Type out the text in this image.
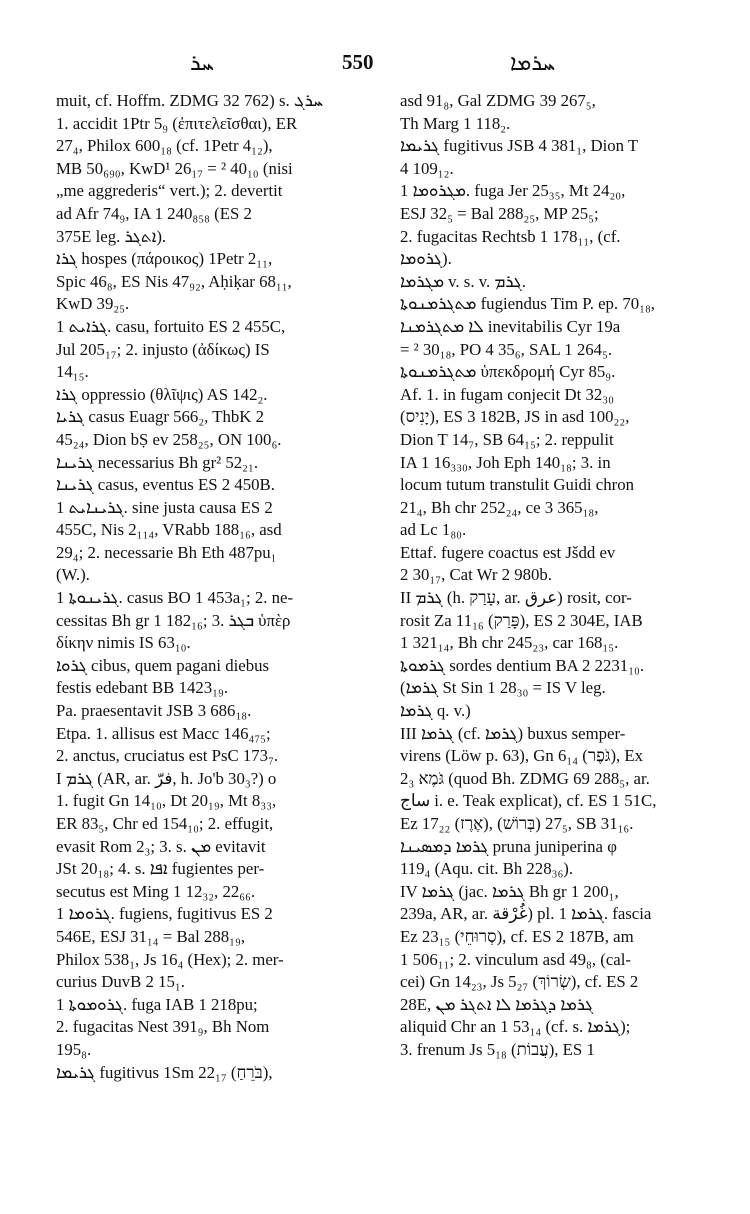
ܚܪ	550	ܚܪܡܐ
muit, cf. Hoffm. ZDMG 32 762) s. ܚܪܓ
1. accidit 1Ptr 5₉ (ἐπιτελεῖσθαι), ER
27₄, Philox 600₁₈ (cf. 1Petr 4₁₂),
MB 50₆₉₀, KwD¹ 26₁₇ = ² 40₁₀ (nisi
„me aggrederis“ vert.); 2. devertit
ad Afr 74₉, IA 1 240₈₅₈ (ES 2
375E leg. ܐܬܓܪ).
ܓܪܐ hospes (πάροικος) 1Petr 2₁₁,
Spic 46₈, ES Nis 47₉₂, Aḥiḳar 68₁₁,
KwD 39₂₅.
ܓܪܐܝܬ 1. casu, fortuito ES 2 455C,
Jul 205₁₇; 2. injusto (ἀδίκως) IS
14₁₅.
ܓܪܐ oppressio (θλῖψις) AS 142₂.
ܓܪܝܐ casus Euagr 566₂, ThbK 2
45₂₄, Dion bṢ ev 258₂₅, ON 100₆.
ܓܪܝܢܐ necessarius Bh gr² 52₂₁.
ܓܪܝܢܐ casus, eventus ES 2 450B.
ܓܪܝܢܐܝܬ 1. sine justa causa ES 2
455C, Nis 2₁₁₄, VRabb 188₁₆, asd
29₄; 2. necessarie Bh Eth 487pu₁
(W.).
ܓܪܝܢܘܬܐ 1. casus BO 1 453a₁; 2. ne-
cessitas Bh gr 1 182₁₆; 3. ܒܓܪ ὑπὲρ
δίκην nimis IS 63₁₀.
ܓܪܘܐ cibus, quem pagani diebus
festis edebant BB 1423₁₉.
Pa. praesentavit JSB 3 686₁₈.
Etpa. 1. allisus est Macc 146₄₇₅;
2. anctus, cruciatus est PsC 173₇.
I ܓܪܡ (AR, ar. فرّ, h. Jo'b 30₃?) o
1. fugit Gn 14₁₀, Dt 20₁₉, Mt 8₃₃,
ER 83₅, Chr ed 154₁₀; 2. effugit,
evasit Rom 2₃; 3. s. ܡܢ evitavit
JSt 20₁₈; 4. s. ܐܦܐ fugientes per-
secutus est Ming 1 12₃₂, 22₆₆.
ܓܪܘܡܐ 1. fugiens, fugitivus ES 2
546E, ESJ 31₁₄ = Bal 288₁₉,
Philox 538₁, Js 16₄ (Hex); 2. mer-
curius DuvB 2 15₁.
ܓܪܘܡܘܬܐ 1. fuga IAB 1 218pu;
2. fugacitas Nest 391₉, Bh Nom
195₈.
ܓܪܝܡܐ fugitivus 1Sm 22₁₇ (בֹּרֵחַ),
asd 91₈, Gal ZDMG 39 267₅,
Th Marg 1 118₂.
ܓܪܝܡܐ fugitivus JSB 4 381₁, Dion T
4 109₁₂.
ܡܓܪܘܡܐ 1. fuga Jer 25₃₅, Mt 24₂₀,
ESJ 32₅ = Bal 288₂₅, MP 25₅;
2. fugacitas Rechtsb 1 178₁₁, (cf.
ܓܪܘܡܐ).
ܡܓܪܡܐ v. s. v. ܓܪܡ.
ܡܬܓܪܡܢܘܬܐ fugiendus Tim P. ep. 70₁₈,
ܠܐ ܡܬܓܪܡܢܐ inevitabilis Cyr 19a
= ² 30₁₈, PO 4 35₆, SAL 1 264₅.
ܡܬܓܪܡܢܘܬܐ ὑπεκδρομή Cyr 85₉.
Af. 1. in fugam conjecit Dt 32₃₀
(יָנִיס), ES 3 182B, JS in asd 100₂₂,
Dion T 14₇, SB 64₁₅; 2. reppulit
IA 1 16₃₃₀, Joh Eph 140₁₈; 3. in
locum tutum transtulit Guidi chron
21₄, Bh chr 252₂₄, ce 3 365₁₈,
ad Lc 1₈₀.
Ettaf. fugere coactus est Jšdd ev
2 30₁₇, Cat Wr 2 980b.
II ܓܪܡ (h. עָרַק, ar. عرق) rosit, cor-
rosit Za 11₁₆ (פָּרַק), ES 2 304E, IAB
1 321₁₄, Bh chr 245₂₃, car 168₁₅.
ܓܪܡܘܬܐ sordes dentium BA 2 2231₁₀.
(ܓܪܡܐ St Sin 1 28₃₀ = IS V leg.
ܓܪܡܐ q. v.)
III ܓܪܡܐ (cf. ܓܪܡܐ) buxus semper-
virens (Löw p. 63), Gn 6₁₄ (גֹּפֶר), Ex
2₃ גֹּמֶא (quod Bh. ZDMG 69 288₅, ar.
ساج i. e. Teak explicat), cf. ES 1 51C,
Ez 17₂₂ (אֶרֶז), 27₅ (בְּרוֹשׁ), SB 31₁₆.
ܓܪܡܐ ܕܡܣܝܢܐ pruna juniperina φ
119₄ (Aqu. cit. Bh 228₃₆).
IV ܓܪܡܐ (jac. ܓܪܡܐ Bh gr 1 200₁,
239a, AR, ar. غُرْقة) pl. ܓܪܡܐ 1. fascia
Ez 23₁₅ (סְרוּחֵי), cf. ES 2 187B, am
1 506₁₁; 2. vinculum asd 49₈, (cal-
cei) Gn 14₂₃, Js 5₂₇ (שְׂרוֹךְ), cf. ES 2
28E, ܓܪܡܐ ܕܓܪܡܐ ܠܐ ܐܬܓܪ ܡܢ
aliquid Chr an 1 53₁₄ (cf. s. ܓܪܡܐ);
3. frenum Js 5₁₈ (עֲבוֹת), ES 1
